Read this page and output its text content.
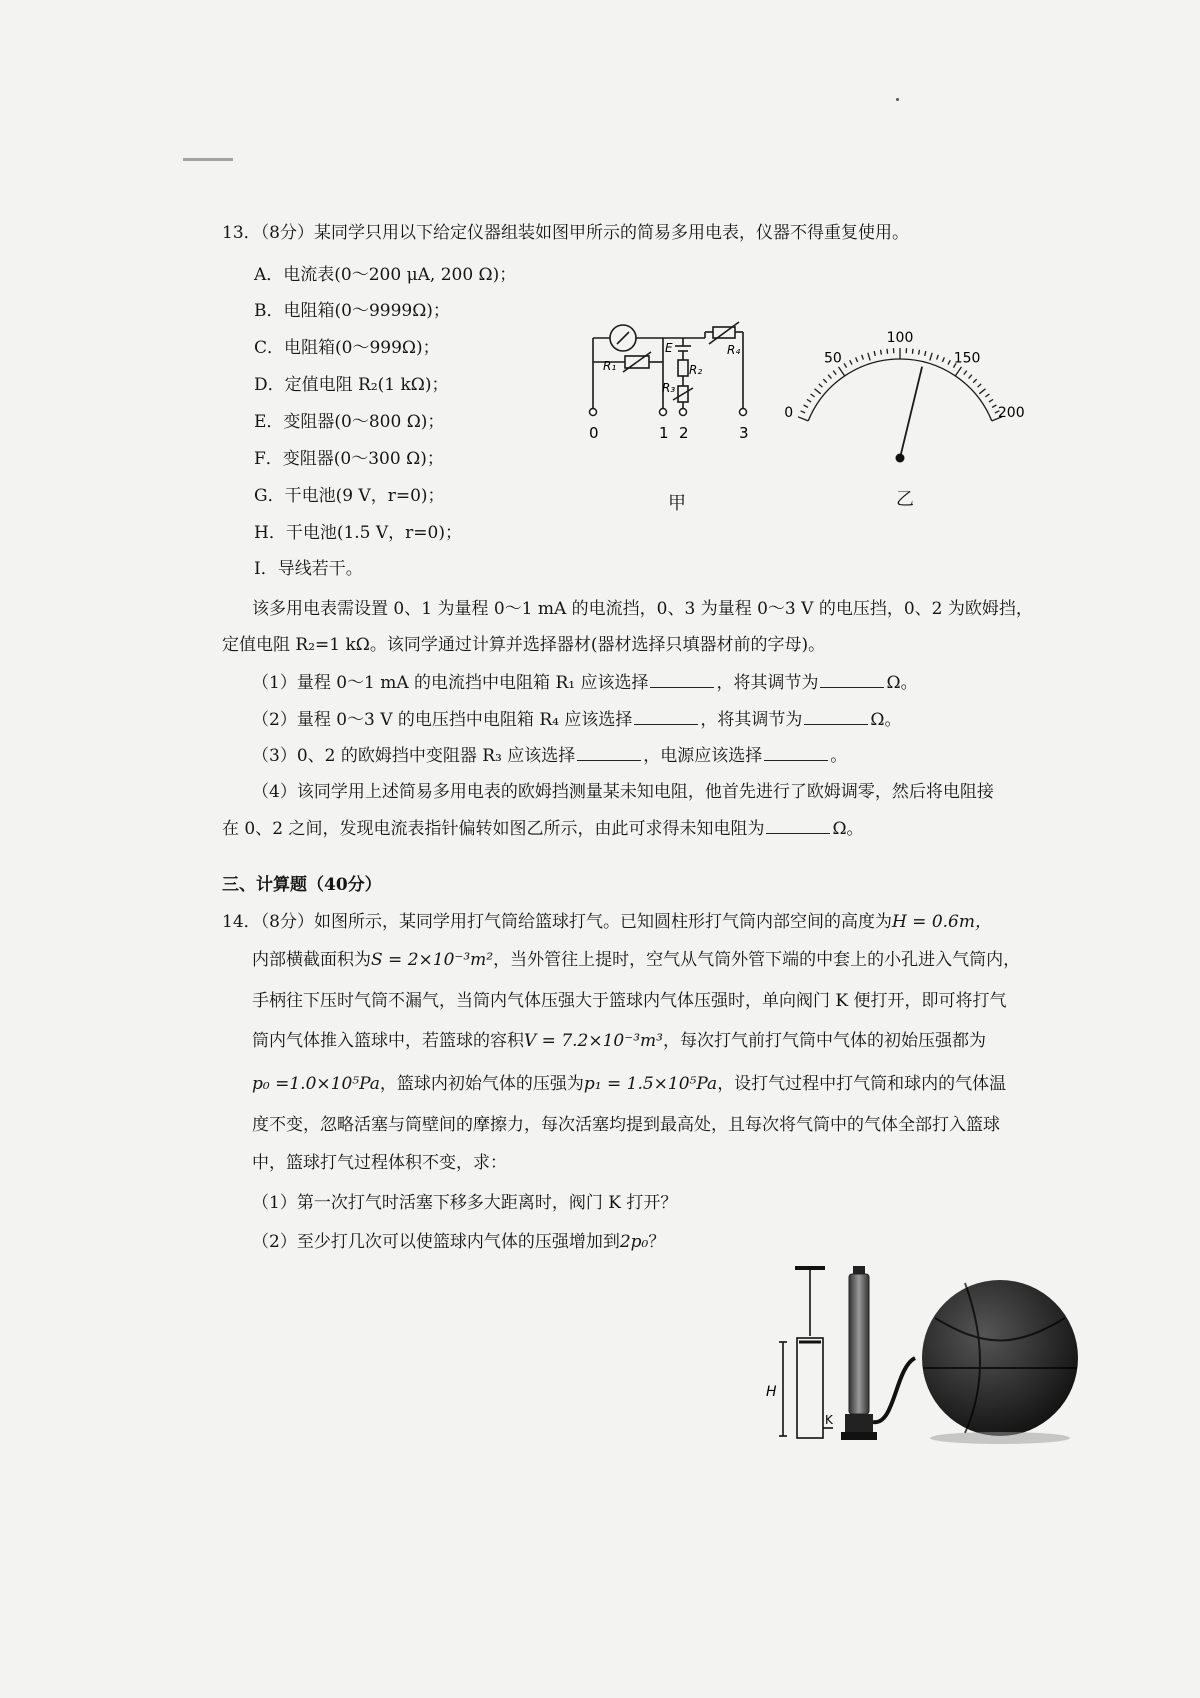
13．（8分）某同学只用以下给定仪器组装如图甲所示的简易多用电表，仪器不得重复使用。
A．电流表(0～200 μA, 200 Ω)；
B．电阻箱(0～9999Ω)；
C．电阻箱(0～999Ω)；
D．定值电阻 R₂(1 kΩ)；
E．变阻器(0～800 Ω)；
F．变阻器(0～300 Ω)；
G．干电池(9 V，r=0)；
H．干电池(1.5 V，r=0)；
I．导线若干。
R₁	R₂
R₃
R₄
E
0	1 2	3
甲
0
50
100
150
200
乙
该多用电表需设置 0、1 为量程 0～1 mA 的电流挡，0、3 为量程 0～3 V 的电压挡，0、2 为欧姆挡，
定值电阻 R₂=1 kΩ。该同学通过计算并选择器材(器材选择只填器材前的字母)。
（1）量程 0～1 mA 的电流挡中电阻箱 R₁ 应该选择	，将其调节为	Ω。
（2）量程 0～3 V 的电压挡中电阻箱 R₄ 应该选择	，将其调节为	Ω。
（3）0、2 的欧姆挡中变阻器 R₃ 应该选择	，电源应该选择	。
（4）该同学用上述简易多用电表的欧姆挡测量某未知电阻，他首先进行了欧姆调零，然后将电阻接
在 0、2 之间，发现电流表指针偏转如图乙所示，由此可求得未知电阻为	Ω。
三、计算题（40分）
14．（8分）如图所示，某同学用打气筒给篮球打气。已知圆柱形打气筒内部空间的高度为H = 0.6m，
内部横截面积为S = 2×10⁻³m²，当外管往上提时，空气从气筒外管下端的中套上的小孔进入气筒内，
手柄往下压时气筒不漏气，当筒内气体压强大于篮球内气体压强时，单向阀门 K 便打开，即可将打气
筒内气体推入篮球中，若篮球的容积V = 7.2×10⁻³m³，每次打气前打气筒中气体的初始压强都为
p₀ =1.0×10⁵Pa，篮球内初始气体的压强为p₁ = 1.5×10⁵Pa，设打气过程中打气筒和球内的气体温
度不变，忽略活塞与筒壁间的摩擦力，每次活塞均提到最高处，且每次将气筒中的气体全部打入篮球
中，篮球打气过程体积不变，求：
（1）第一次打气时活塞下移多大距离时，阀门 K 打开？
（2）至少打几次可以使篮球内气体的压强增加到2p₀？
H
K
